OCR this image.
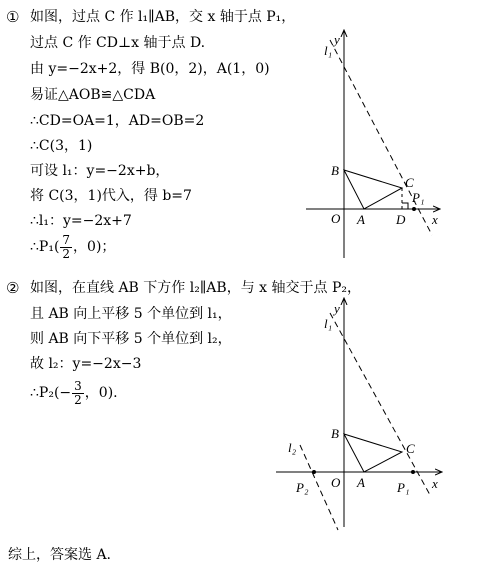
① 如图，过点 C 作 l₁∥AB，交 x 轴于点 P₁，
过点 C 作 CD⊥x 轴于点 D.
由 y=−2x+2，得 B(0，2)，A(1，0)
易证△AOB≌△CDA
∴CD=OA=1，AD=OB=2
∴C(3，1)
可设 l₁：y=−2x+b，
将 C(3，1)代入，得 b=7
∴l₁：y=−2x+7
∴P₁( $\frac{7}{2}$ ，0)；
② 如图，在直线 AB 下方作 l₂∥AB，与 x 轴交于点 P₂，
且 AB 向上平移 5 个单位到 l₁，
则 AB 向下平移 5 个单位到 l₂，
故 l₂：y=−2x−3
∴P₂(− $\frac{3}{2}$ ，0).
综上，答案选 A.
l₁
y
B
C
P₁
O A D x
l₁
y
B
C
l₂
P₂ O A P₁ x
